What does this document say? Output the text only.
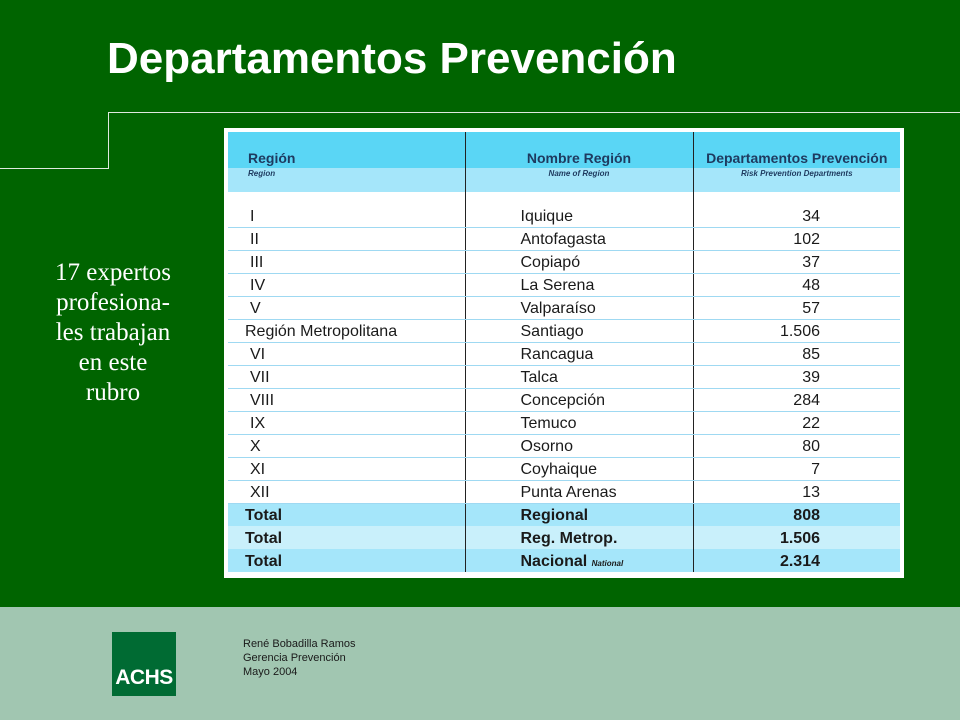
Departamentos Prevención
17 expertos
profesiona-
les trabajan
en este
rubro
Región	Nombre Región	Departamentos Prevención
Region	Name of Region	Risk Prevention Departments

I	Iquique	34
II	Antofagasta	102
III	Copiapó	37
IV	La Serena	48
V	Valparaíso	57
Región Metropolitana	Santiago	1.506
VI	Rancagua	85
VII	Talca	39
VIII	Concepción	284
IX	Temuco	22
X	Osorno	80
XI	Coyhaique	7
XII	Punta Arenas	13
Total	Regional	808
Total	Reg. Metrop.	1.506
Total	Nacional National	2.314
ACHS
René Bobadilla Ramos
Gerencia Prevención
Mayo 2004
